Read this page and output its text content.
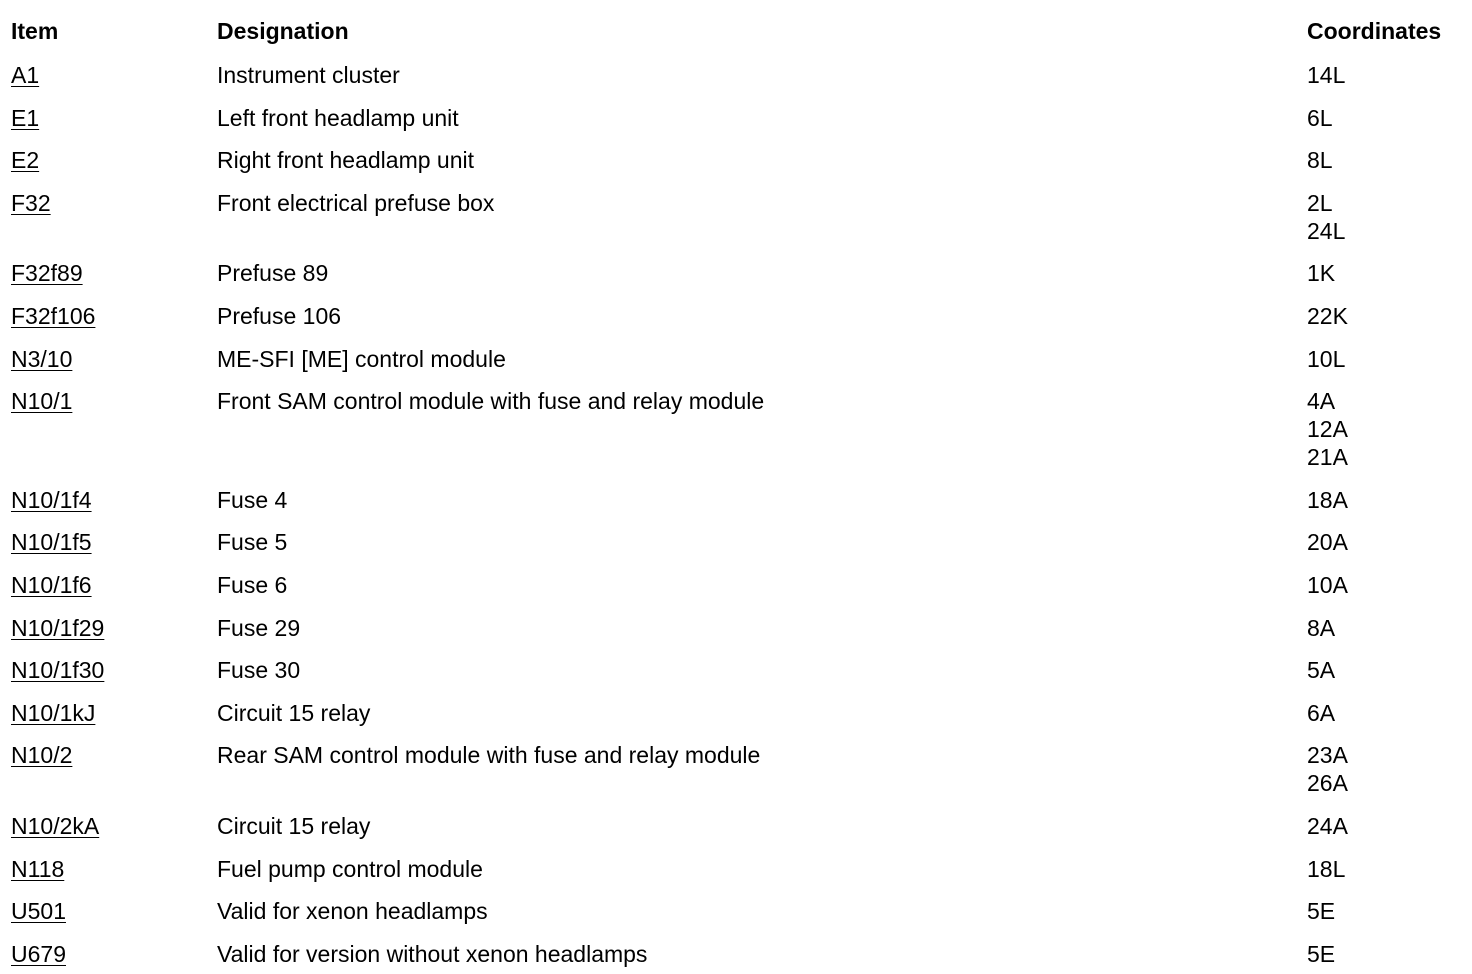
Item	Designation	Coordinates
A1	Instrument cluster	14L
E1	Left front headlamp unit	6L
E2	Right front headlamp unit	8L
F32	Front electrical prefuse box	2L
24L
F32f89	Prefuse 89	1K
F32f106	Prefuse 106	22K
N3/10	ME-SFI [ME] control module	10L
N10/1	Front SAM control module with fuse and relay module	4A
12A
21A
N10/1f4	Fuse 4	18A
N10/1f5	Fuse 5	20A
N10/1f6	Fuse 6	10A
N10/1f29	Fuse 29	8A
N10/1f30	Fuse 30	5A
N10/1kJ	Circuit 15 relay	6A
N10/2	Rear SAM control module with fuse and relay module	23A
26A
N10/2kA	Circuit 15 relay	24A
N118	Fuel pump control module	18L
U501	Valid for xenon headlamps	5E
U679	Valid for version without xenon headlamps	5E
